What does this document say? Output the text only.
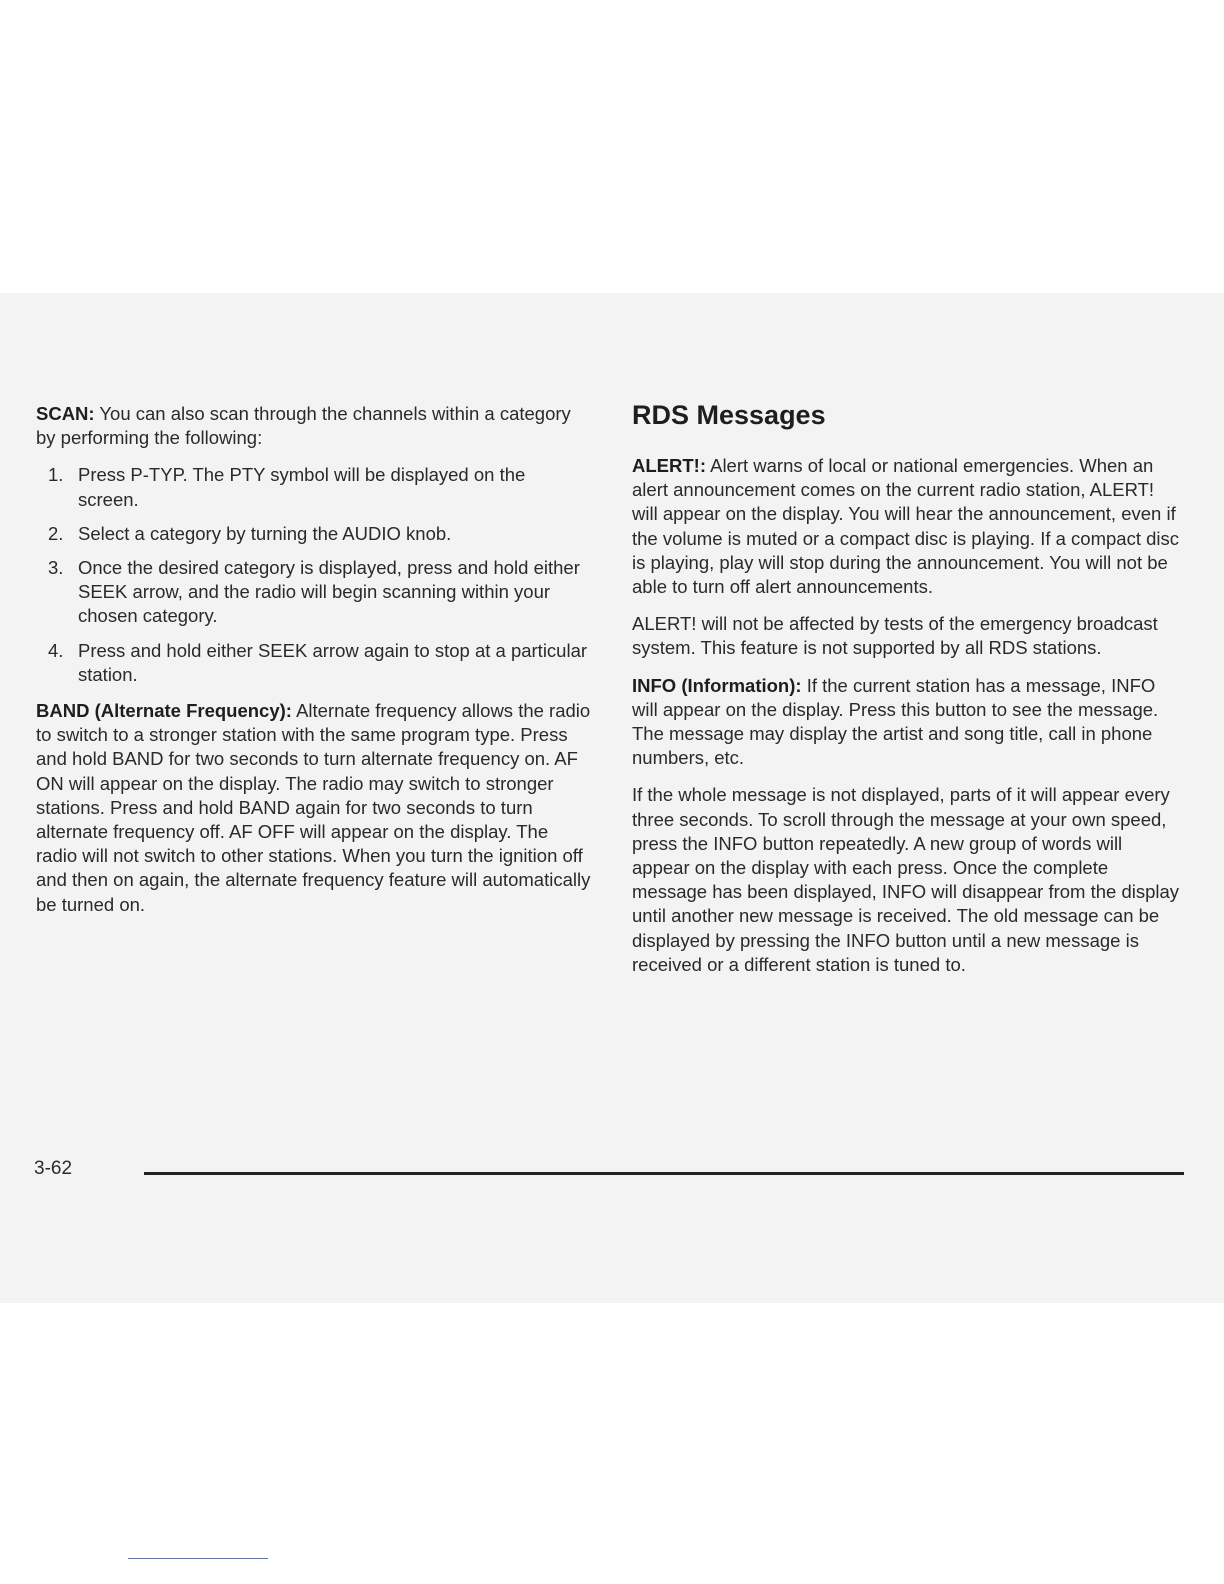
SCAN: You can also scan through the channels within a category by performing the following:

1. Press P-TYP. The PTY symbol will be displayed on the screen.
2. Select a category by turning the AUDIO knob.
3. Once the desired category is displayed, press and hold either SEEK arrow, and the radio will begin scanning within your chosen category.
4. Press and hold either SEEK arrow again to stop at a particular station.

BAND (Alternate Frequency): Alternate frequency allows the radio to switch to a stronger station with the same program type. Press and hold BAND for two seconds to turn alternate frequency on. AF ON will appear on the display. The radio may switch to stronger stations. Press and hold BAND again for two seconds to turn alternate frequency off. AF OFF will appear on the display. The radio will not switch to other stations. When you turn the ignition off and then on again, the alternate frequency feature will automatically be turned on.

RDS Messages

ALERT!: Alert warns of local or national emergencies. When an alert announcement comes on the current radio station, ALERT! will appear on the display. You will hear the announcement, even if the volume is muted or a compact disc is playing. If a compact disc is playing, play will stop during the announcement. You will not be able to turn off alert announcements.

ALERT! will not be affected by tests of the emergency broadcast system. This feature is not supported by all RDS stations.

INFO (Information): If the current station has a message, INFO will appear on the display. Press this button to see the message. The message may display the artist and song title, call in phone numbers, etc.

If the whole message is not displayed, parts of it will appear every three seconds. To scroll through the message at your own speed, press the INFO button repeatedly. A new group of words will appear on the display with each press. Once the complete message has been displayed, INFO will disappear from the display until another new message is received. The old message can be displayed by pressing the INFO button until a new message is received or a different station is tuned to.

3-62
